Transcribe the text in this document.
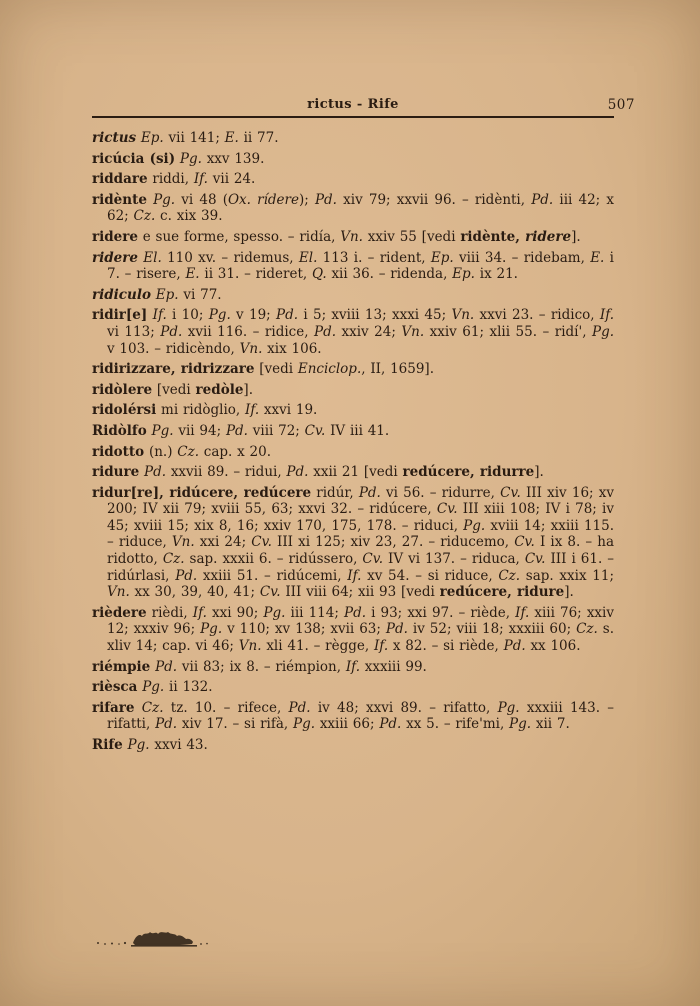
rictus - Rife	507

rictus Ep. vii 141; E. ii 77.

ricúcia (si) Pg. xxv 139.

riddare riddi, If. vii 24.

ridènte Pg. vi 48 (Ox. rídere); Pd. xiv 79; xxvii 96. – ridènti, Pd. iii 42; x 62; Cz. c. xix 39.

ridere e sue forme, spesso. – ridía, Vn. xxiv 55 [vedi ridènte, ridere].

ridere El. 110 xv. – ridemus, El. 113 i. – rident, Ep. viii 34. – ridebam, E. i 7. – risere, E. ii 31. – rideret, Q. xii 36. – ridenda, Ep. ix 21.

ridiculo Ep. vi 77.

ridir[e] If. i 10; Pg. v 19; Pd. i 5; xviii 13; xxxi 45; Vn. xxvi 23. – ridico, If. vi 113; Pd. xvii 116. – ridice, Pd. xxiv 24; Vn. xxiv 61; xlii 55. – ridí', Pg. v 103. – ridicèndo, Vn. xix 106.

ridirizzare, ridrizzare [vedi Enciclop., II, 1659].

ridòlere [vedi redòle].

ridolérsi mi ridòglio, If. xxvi 19.

Ridòlfo Pg. vii 94; Pd. viii 72; Cv. IV iii 41.

ridotto (n.) Cz. cap. x 20.

ridure Pd. xxvii 89. – ridui, Pd. xxii 21 [vedi redúcere, ridurre].

ridur[re], ridúcere, redúcere ridúr, Pd. vi 56. – ridurre, Cv. III xiv 16; xv 200; IV xii 79; xviii 55, 63; xxvi 32. – ridúcere, Cv. III xiii 108; IV i 78; iv 45; xviii 15; xix 8, 16; xxiv 170, 175, 178. – riduci, Pg. xviii 14; xxiii 115. – riduce, Vn. xxi 24; Cv. III xi 125; xiv 23, 27. – riducemo, Cv. I ix 8. – ha ridotto, Cz. sap. xxxii 6. – ridússero, Cv. IV vi 137. – riduca, Cv. III i 61. – ridúrlasi, Pd. xxiii 51. – ridúcemi, If. xv 54. – si riduce, Cz. sap. xxix 11; Vn. xx 30, 39, 40, 41; Cv. III viii 64; xii 93 [vedi redúcere, ridure].

rièdere rièdi, If. xxi 90; Pg. iii 114; Pd. i 93; xxi 97. – riède, If. xiii 76; xxiv 12; xxxiv 96; Pg. v 110; xv 138; xvii 63; Pd. iv 52; viii 18; xxxiii 60; Cz. s. xliv 14; cap. vi 46; Vn. xli 41. – règge, If. x 82. – si riède, Pd. xx 106.

riémpie Pd. vii 83; ix 8. – riémpion, If. xxxiii 99.

rièsca Pg. ii 132.

rifare Cz. tz. 10. – rifece, Pd. iv 48; xxvi 89. – rifatto, Pg. xxxiii 143. – rifatti, Pd. xiv 17. – si rifà, Pg. xxiii 66; Pd. xx 5. – rife'mi, Pg. xii 7.

Rife Pg. xxvi 43.
